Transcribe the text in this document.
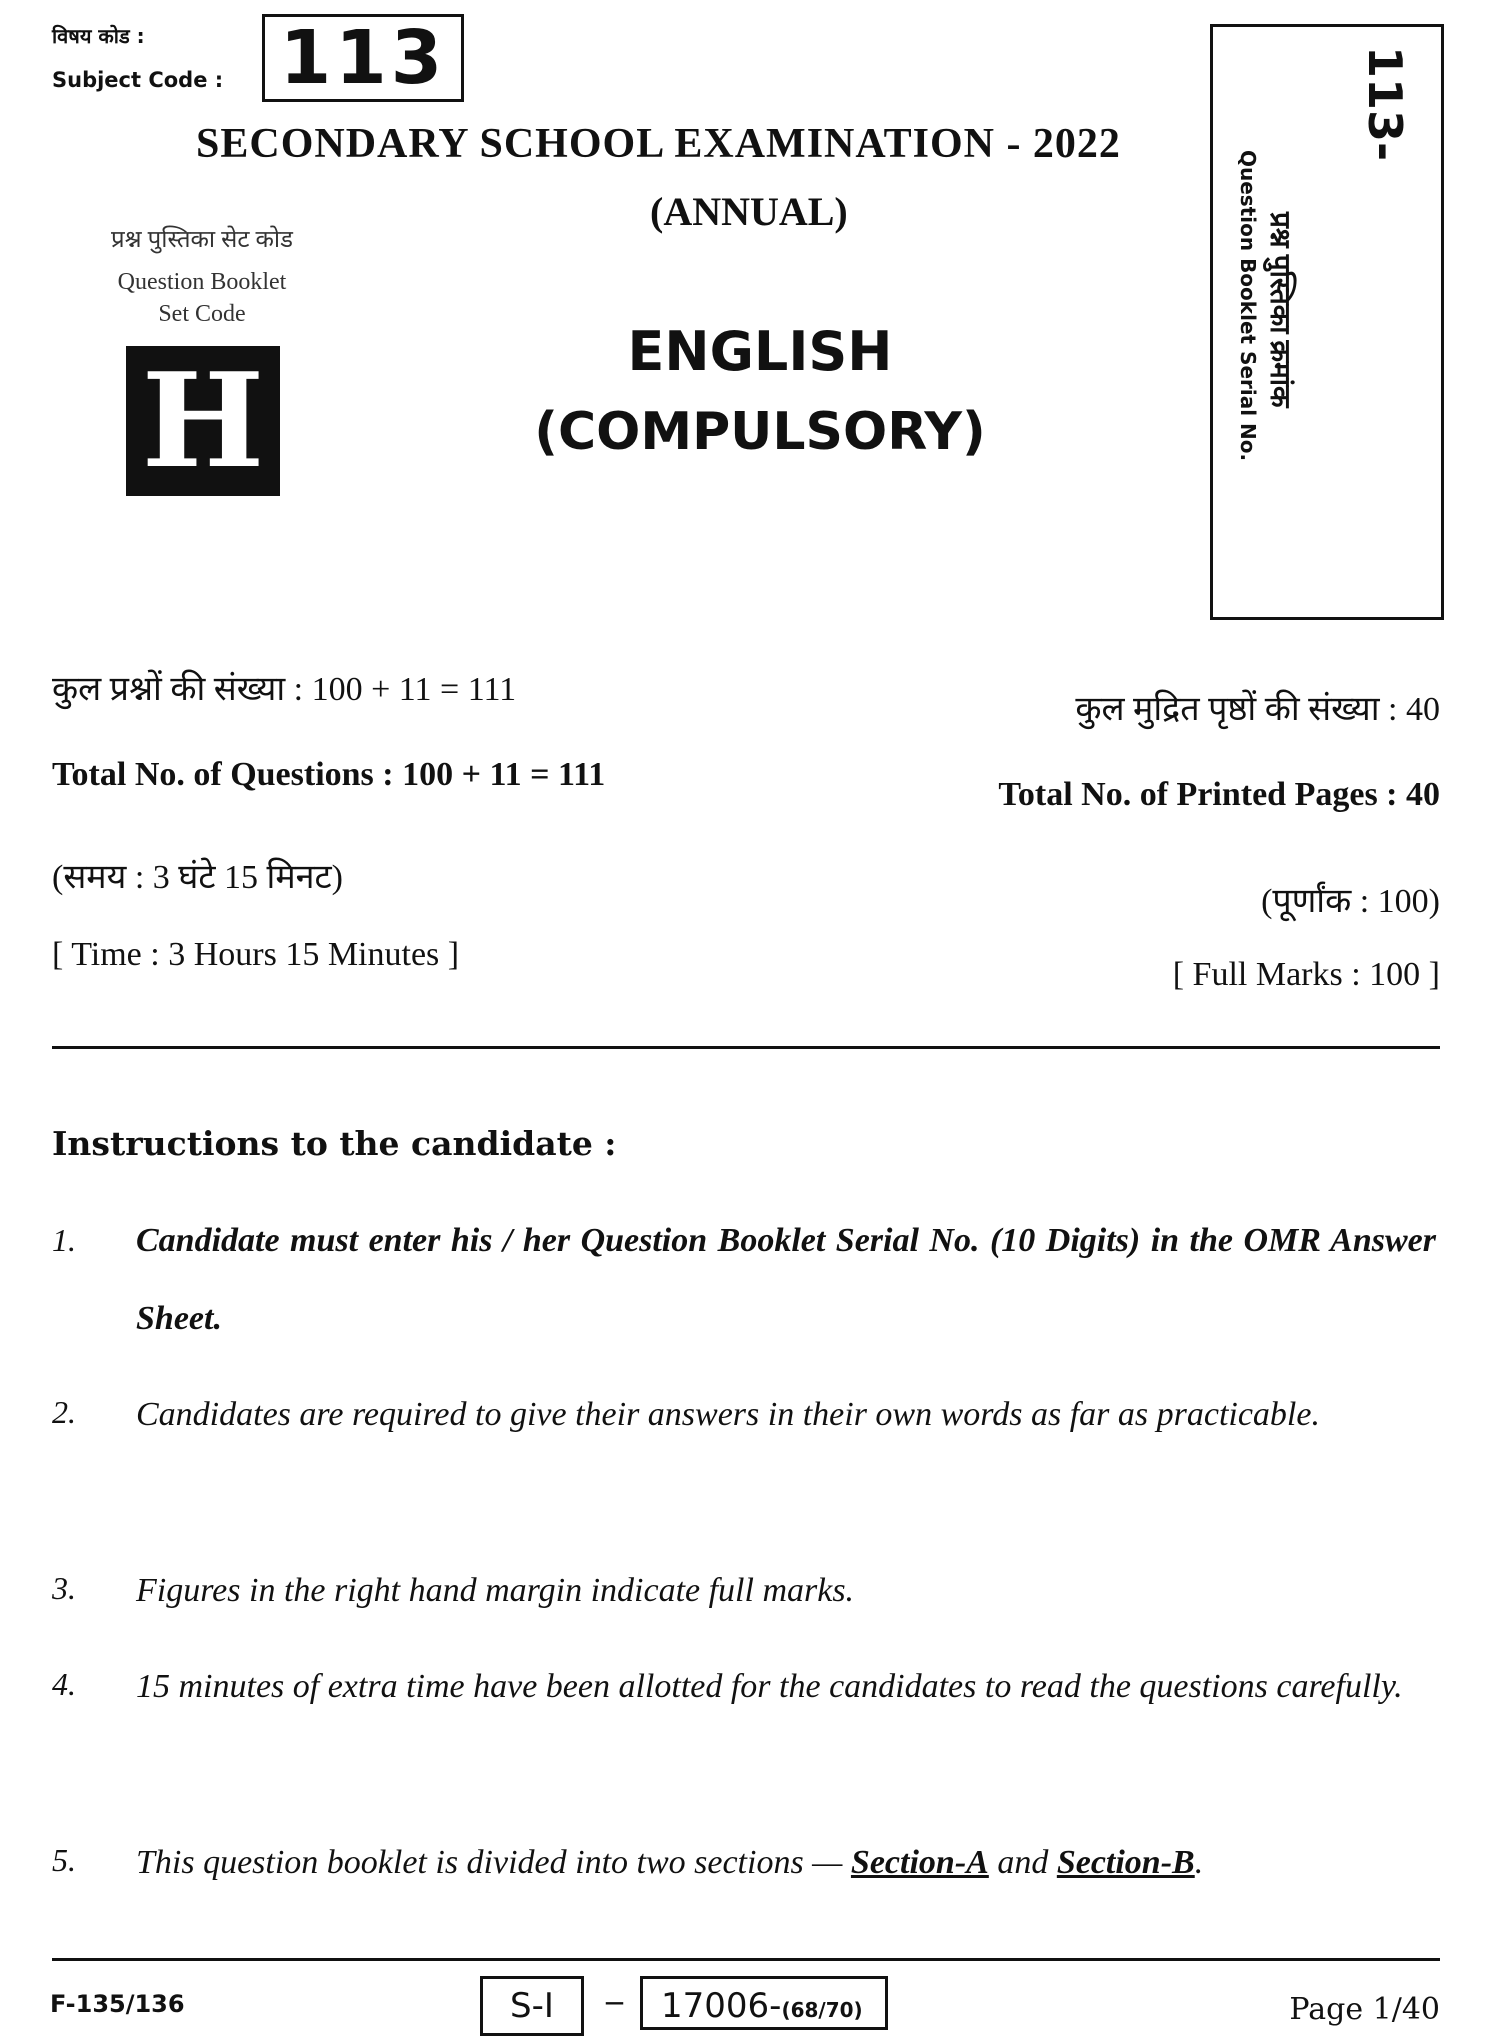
विषय कोड :
Subject Code : 113
SECONDARY SCHOOL EXAMINATION - 2022
(ANNUAL)
ENGLISH
(COMPULSORY)
प्रश्न पुस्तिका सेट कोड
Question Booklet
Set Code
H
113-
प्रश्न पुस्तिका क्रमांक
Question Booklet Serial No.
कुल प्रश्नों की संख्या : 100 + 11 = 111
Total No. of Questions : 100 + 11 = 111
(समय : 3 घंटे 15 मिनट)
[ Time : 3 Hours 15 Minutes ]
कुल मुद्रित पृष्ठों की संख्या : 40
Total No. of Printed Pages : 40
(पूर्णांक : 100)
[ Full Marks : 100 ]
Instructions to the candidate :
1. Candidate must enter his / her Question Booklet Serial No. (10 Digits) in the OMR Answer Sheet.
2. Candidates are required to give their answers in their own words as far as practicable.
3. Figures in the right hand margin indicate full marks.
4. 15 minutes of extra time have been allotted for the candidates to read the questions carefully.
5. This question booklet is divided into two sections — Section-A and Section-B.
F-135/136	S-I	–	17006-(68/70)	Page 1/40
